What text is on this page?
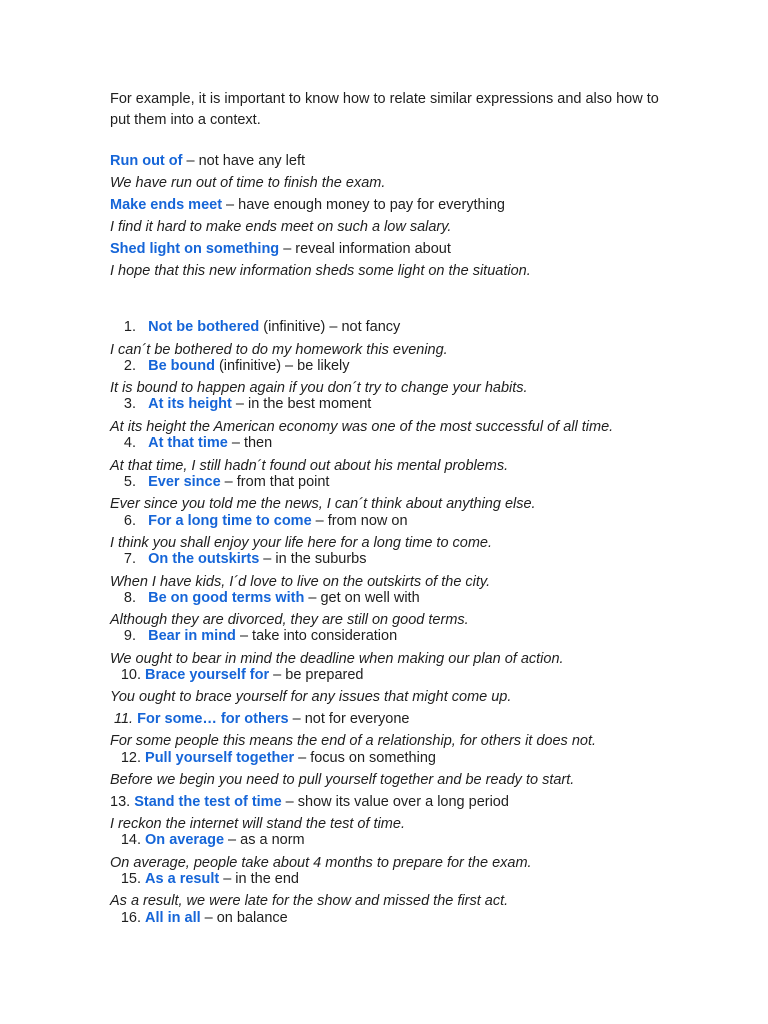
For example, it is important to know how to relate similar expressions and also how to put them into a context.

Run out of – not have any left
We have run out of time to finish the exam.
Make ends meet – have enough money to pay for everything
I find it hard to make ends meet on such a low salary.
Shed light on something – reveal information about
I hope that this new information sheds some light on the situation.
1. Not be bothered (infinitive) – not fancy
I can´t be bothered to do my homework this evening.
2. Be bound (infinitive) – be likely
It is bound to happen again if you don´t try to change your habits.
3. At its height – in the best moment
At its height the American economy was one of the most successful of all time.
4. At that time – then
At that time, I still hadn´t found out about his mental problems.
5. Ever since – from that point
Ever since you told me the news, I can´t think about anything else.
6. For a long time to come – from now on
I think you shall enjoy your life here for a long time to come.
7. On the outskirts – in the suburbs
When I have kids, I´d love to live on the outskirts of the city.
8. Be on good terms with – get on well with
Although they are divorced, they are still on good terms.
9. Bear in mind – take into consideration
We ought to bear in mind the deadline when making our plan of action.
10. Brace yourself for – be prepared
You ought to brace yourself for any issues that might come up.
11. For some… for others – not for everyone
For some people this means the end of a relationship, for others it does not.
12. Pull yourself together – focus on something
Before we begin you need to pull yourself together and be ready to start.
13. Stand the test of time – show its value over a long period
I reckon the internet will stand the test of time.
14. On average – as a norm
On average, people take about 4 months to prepare for the exam.
15. As a result – in the end
As a result, we were late for the show and missed the first act.
16. All in all – on balance
